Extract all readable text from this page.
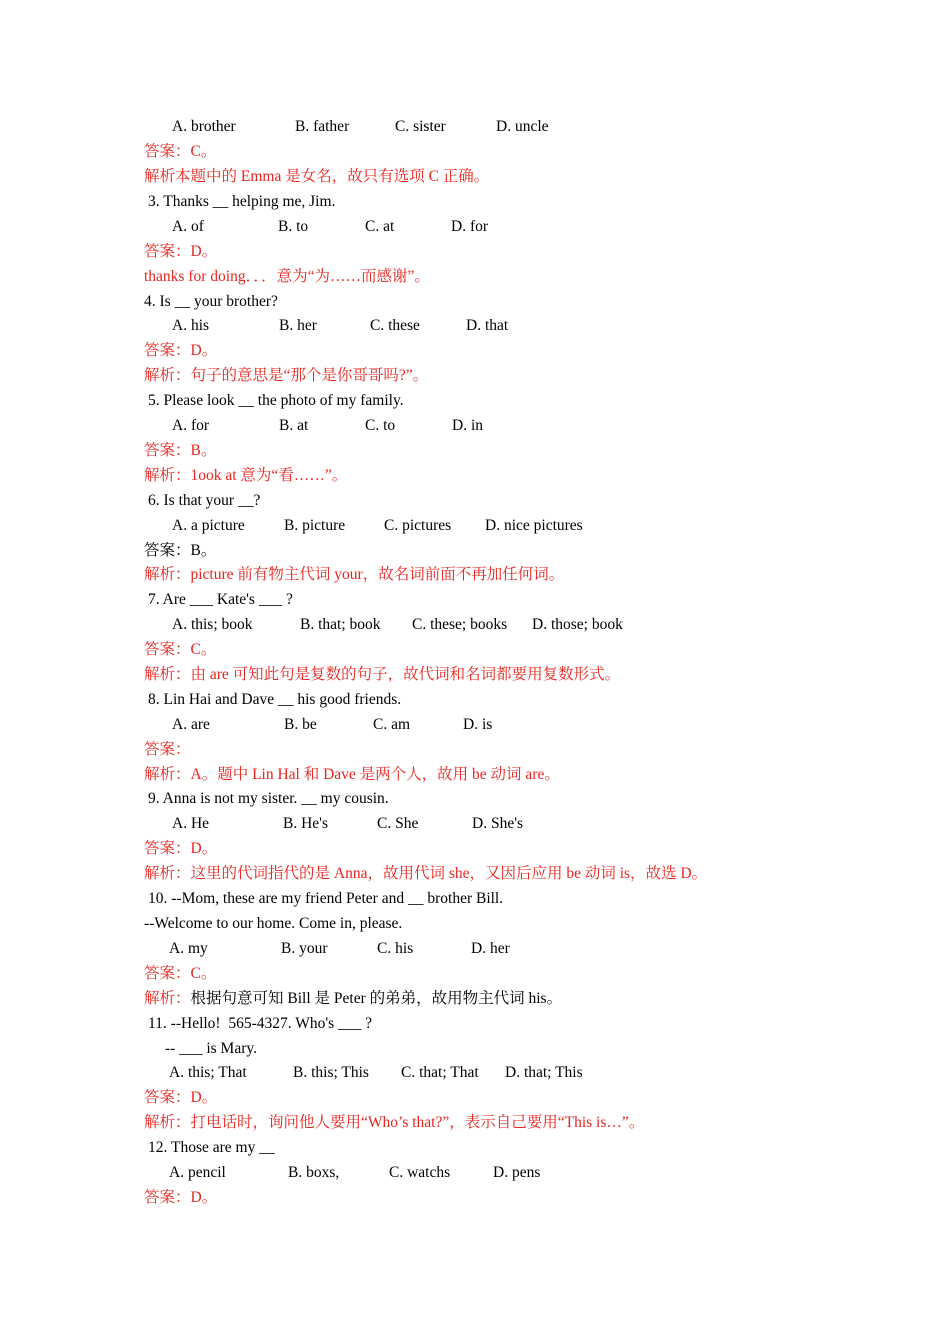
A. brother

	B. father

	C. sister

	D. uncle

答案：C。
解析本题中的 Emma 是女名，故只有选项 C 正确。
3. Thanks __ helping me, Jim.

A. of

	B. to

	C. at

	D. for

答案：D。
thanks for doing．．．意为“为……而感谢”。
4. Is __ your brother?

A. his

	B. her

	C. these

	D. that

答案：D。
解析：句子的意思是“那个是你哥哥吗?”。
5. Please look __ the photo of my family.

A. for

	B. at

	C. to

	D. in

答案：B。
解析：1ook at 意为“看……”。
6. Is that your __?

A. a picture

	B. picture

	C. pictures

D. nice pictures

答案：B。
解析：picture 前有物主代词 your，故名词前面不再加任何词。
7. Are ___ Kate's ___ ?

A. this; book

	B. that; book

C. these; books

D. those; book

答案：C。
解析：由 are 可知此句是复数的句子，故代词和名词都要用复数形式。
8. Lin Hai and Dave __ his good friends.

A. are

	B. be

	C. am

	D. is

答案：
解析：A。题中 Lin Hal 和 Dave 是两个人，故用 be 动词 are。
9. Anna is not my sister. __ my cousin.

A. He

	B. He's

	C. She

	D. She's

答案：D。
解析：这里的代词指代的是 Anna，故用代词 she，又因后应用 be 动词 is，故选 D。
10. --Mom, these are my friend Peter and __ brother Bill.
--Welcome to our home. Come in, please.

A. my

	B. your

	C. his

	D. her

答案：C。
解析：根据句意可知 Bill 是 Peter 的弟弟，故用物主代词 his。
11. --Hello!  565-4327. Who's ___ ?
-- ___ is Mary.

A. this; That

	B. this; This

C. that; That

D. that; This

答案：D。
解析：打电话时，询问他人要用“Who’s that?”，表示自己要用“This is…”。
12. Those are my __

A. pencil

	B. boxs,

	C. watchs

	D. pens

答案：D。
